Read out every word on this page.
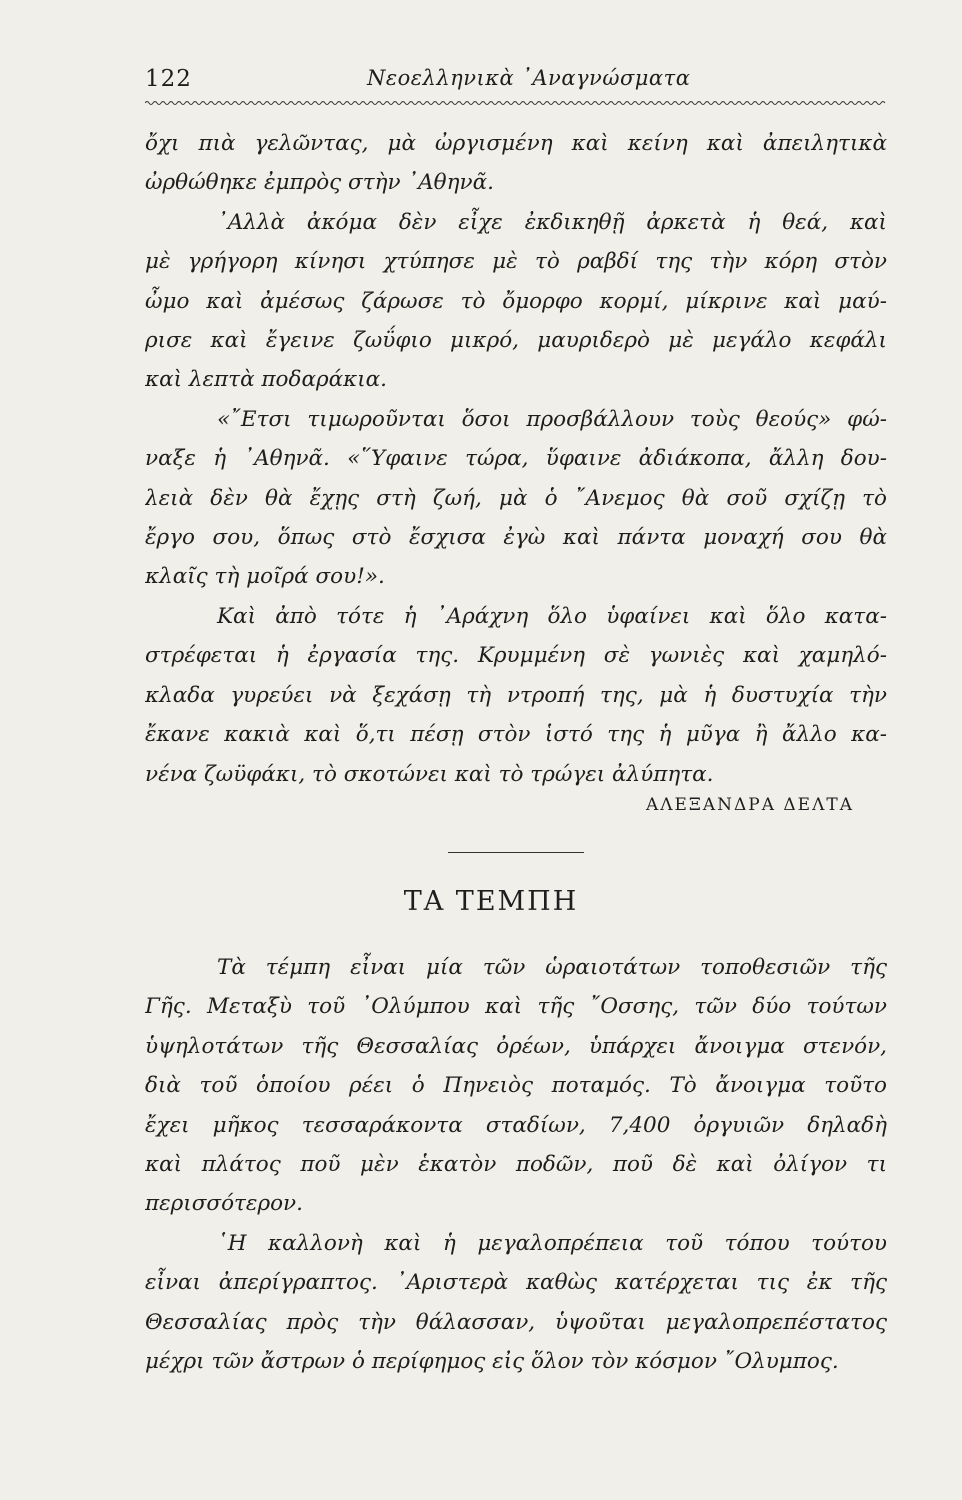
122	Νεοελληνικὰ ᾿Αναγνώσματα
ὄχι πιὰ γελῶντας, μὰ ὠργισμένη καὶ κείνη καὶ ἀπειλητικὰ
ὠρθώθηκε ἐμπρὸς στὴν ᾿Αθηνᾶ.
᾿Αλλὰ ἀκόμα δὲν εἶχε ἐκδικηθῇ ἀρκετὰ ἡ θεά, καὶ
μὲ γρήγορη κίνησι χτύπησε μὲ τὸ ραβδί της τὴν κόρη στὸν
ὦμο καὶ ἀμέσως ζάρωσε τὸ ὄμορφο κορμί, μίκρινε καὶ μαύ-
ρισε καὶ ἔγεινε ζωΰφιο μικρό, μαυριδερὸ μὲ μεγάλο κεφάλι
καὶ λεπτὰ ποδαράκια.
«῎Ετσι τιμωροῦνται ὅσοι προσβάλλουν τοὺς θεούς» φώ-
ναξε ἡ ᾿Αθηνᾶ. «῞Υφαινε τώρα, ὕφαινε ἀδιάκοπα, ἄλλη δου-
λειὰ δὲν θὰ ἔχῃς στὴ ζωή, μὰ ὁ ῎Ανεμος θὰ σοῦ σχίζῃ τὸ
ἔργο σου, ὅπως στὸ ἔσχισα ἐγὼ καὶ πάντα μοναχή σου θὰ
κλαῖς τὴ μοῖρά σου!».
Καὶ ἀπὸ τότε ἡ ᾿Αράχνη ὅλο ὑφαίνει καὶ ὅλο κατα-
στρέφεται ἡ ἐργασία της. Κρυμμένη σὲ γωνιὲς καὶ χαμηλό-
κλαδα γυρεύει νὰ ξεχάσῃ τὴ ντροπή της, μὰ ἡ δυστυχία τὴν
ἔκανε κακιὰ καὶ ὅ,τι πέσῃ στὸν ἱστό της ἡ μῦγα ἢ ἄλλο κα-
νένα ζωϋφάκι, τὸ σκοτώνει καὶ τὸ τρώγει ἀλύπητα.
ΑΛΕΞΑΝΔΡΑ ΔΕΛΤΑ
ΤΑ ΤΕΜΠΗ
Τὰ τέμπη εἶναι μία τῶν ὡραιοτάτων τοποθεσιῶν τῆς
Γῆς. Μεταξὺ τοῦ ᾿Ολύμπου καὶ τῆς ῎Οσσης, τῶν δύο τούτων
ὑψηλοτάτων τῆς Θεσσαλίας ὀρέων, ὑπάρχει ἄνοιγμα στενόν,
διὰ τοῦ ὁποίου ρέει ὁ Πηνειὸς ποταμός. Τὸ ἄνοιγμα τοῦτο
ἔχει μῆκος τεσσαράκοντα σταδίων, 7,400 ὀργυιῶν δηλαδὴ
καὶ πλάτος ποῦ μὲν ἑκατὸν ποδῶν, ποῦ δὲ καὶ ὀλίγον τι
περισσότερον.
῾Η καλλονὴ καὶ ἡ μεγαλοπρέπεια τοῦ τόπου τούτου
εἶναι ἀπερίγραπτος. ᾿Αριστερὰ καθὼς κατέρχεται τις ἐκ τῆς
Θεσσαλίας πρὸς τὴν θάλασσαν, ὑψοῦται μεγαλοπρεπέστατος
μέχρι τῶν ἄστρων ὁ περίφημος εἰς ὅλον τὸν κόσμον ῎Ολυμπος.
